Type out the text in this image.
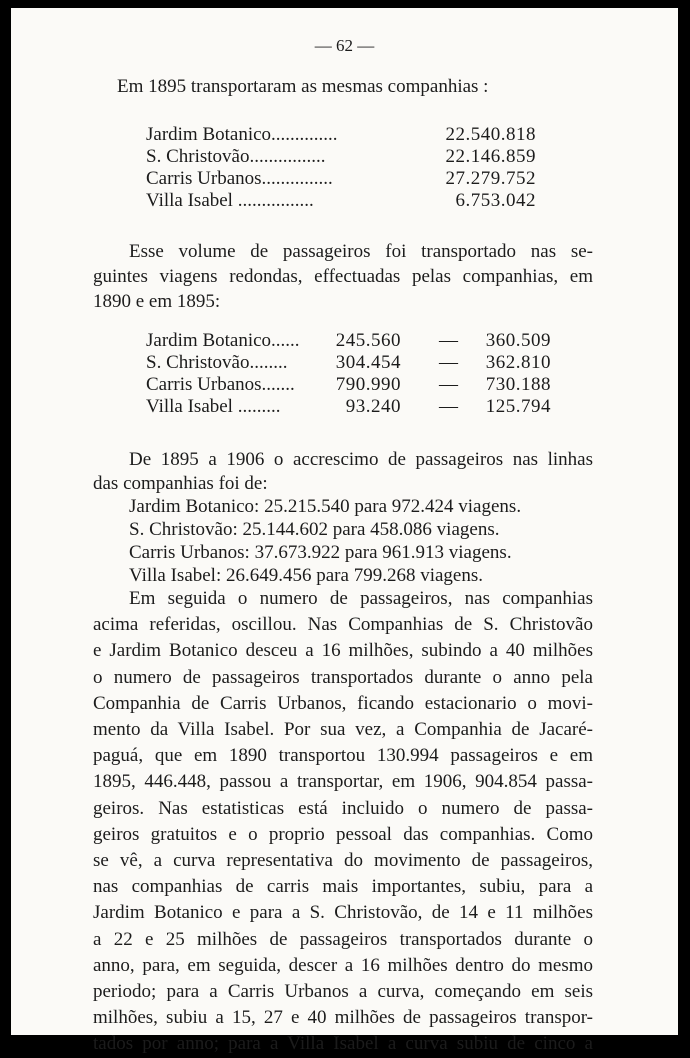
— 62 —
Em 1895 transportaram as mesmas companhias :
Jardim Botanico..............	22.540.818
S. Christovão................	22.146.859
Carris Urbanos...............	27.279.752
Villa Isabel ................	6.753.042
Esse volume de passageiros foi transportado nas se-
guintes viagens redondas, effectuadas pelas companhias, em
1890 e em 1895:
Jardim Botanico...... 245.560 — 360.509
S. Christovão........	304.454 — 362.810
Carris Urbanos....... 790.990 — 730.188
Villa Isabel .........	93.240 — 125.794
De 1895 a 1906 o accrescimo de passageiros nas linhas
das companhias foi de:
Jardim Botanico: 25.215.540 para 972.424 viagens.
S. Christovão: 25.144.602 para 458.086 viagens.
Carris Urbanos: 37.673.922 para 961.913 viagens.
Villa Isabel: 26.649.456 para 799.268 viagens.
Em seguida o numero de passageiros, nas companhias
acima referidas, oscillou. Nas Companhias de S. Christovão
e Jardim Botanico desceu a 16 milhões, subindo a 40 milhões
o numero de passageiros transportados durante o anno pela
Companhia de Carris Urbanos, ficando estacionario o movi-
mento da Villa Isabel. Por sua vez, a Companhia de Jacaré-
paguá, que em 1890 transportou 130.994 passageiros e em
1895, 446.448, passou a transportar, em 1906, 904.854 passa-
geiros. Nas estatisticas está incluido o numero de passa-
geiros gratuitos e o proprio pessoal das companhias. Como
se vê, a curva representativa do movimento de passageiros,
nas companhias de carris mais importantes, subiu, para a
Jardim Botanico e para a S. Christovão, de 14 e 11 milhões
a 22 e 25 milhões de passageiros transportados durante o
anno, para, em seguida, descer a 16 milhões dentro do mesmo
periodo; para a Carris Urbanos a curva, começando em seis
milhões, subiu a 15, 27 e 40 milhões de passageiros transpor-
tados por anno; para a Villa Isabel a curva subiu de cinco a
